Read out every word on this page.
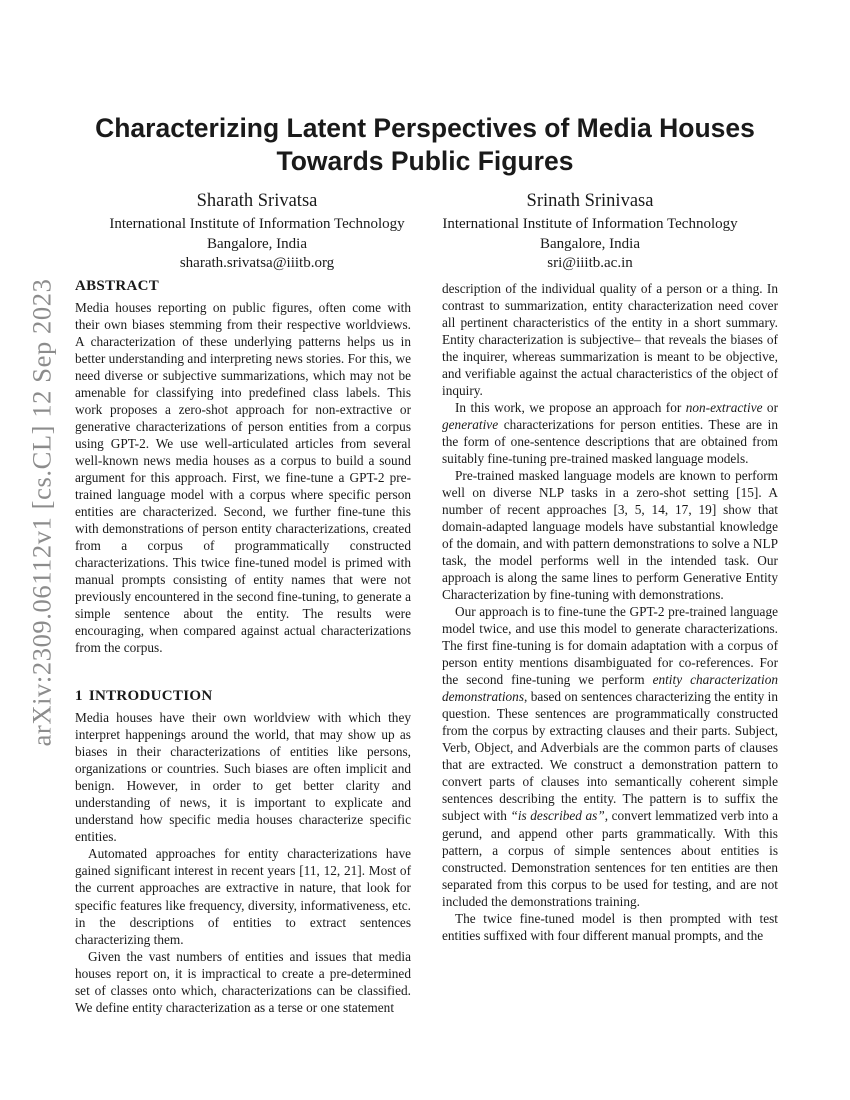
arXiv:2309.06112v1 [cs.CL] 12 Sep 2023
Characterizing Latent Perspectives of Media Houses Towards Public Figures
Sharath Srivatsa
International Institute of Information Technology
Bangalore, India
sharath.srivatsa@iiitb.org
Srinath Srinivasa
International Institute of Information Technology
Bangalore, India
sri@iiitb.ac.in
ABSTRACT

Media houses reporting on public figures, often come with their own biases stemming from their respective worldviews. A characterization of these underlying patterns helps us in better understanding and interpreting news stories. For this, we need diverse or subjective summarizations, which may not be amenable for classifying into predefined class labels. This work proposes a zero-shot approach for non-extractive or generative characterizations of person entities from a corpus using GPT-2. We use well-articulated articles from several well-known news media houses as a corpus to build a sound argument for this approach. First, we fine-tune a GPT-2 pre-trained language model with a corpus where specific person entities are characterized. Second, we further fine-tune this with demonstrations of person entity characterizations, created from a corpus of programmatically constructed characterizations. This twice fine-tuned model is primed with manual prompts consisting of entity names that were not previously encountered in the second fine-tuning, to generate a simple sentence about the entity. The results were encouraging, when compared against actual characterizations from the corpus.

1 INTRODUCTION

Media houses have their own worldview with which they interpret happenings around the world, that may show up as biases in their characterizations of entities like persons, organizations or countries. Such biases are often implicit and benign. However, in order to get better clarity and understanding of news, it is important to explicate and understand how specific media houses characterize specific entities.

Automated approaches for entity characterizations have gained significant interest in recent years [11, 12, 21]. Most of the current approaches are extractive in nature, that look for specific features like frequency, diversity, informativeness, etc. in the descriptions of entities to extract sentences characterizing them.

Given the vast numbers of entities and issues that media houses report on, it is impractical to create a pre-determined set of classes onto which, characterizations can be classified. We define entity characterization as a terse or one statement

description of the individual quality of a person or a thing. In contrast to summarization, entity characterization need cover all pertinent characteristics of the entity in a short summary. Entity characterization is subjective– that reveals the biases of the inquirer, whereas summarization is meant to be objective, and verifiable against the actual characteristics of the object of inquiry.

In this work, we propose an approach for non-extractive or generative characterizations for person entities. These are in the form of one-sentence descriptions that are obtained from suitably fine-tuning pre-trained masked language models.

Pre-trained masked language models are known to perform well on diverse NLP tasks in a zero-shot setting [15]. A number of recent approaches [3, 5, 14, 17, 19] show that domain-adapted language models have substantial knowledge of the domain, and with pattern demonstrations to solve a NLP task, the model performs well in the intended task. Our approach is along the same lines to perform Generative Entity Characterization by fine-tuning with demonstrations.

Our approach is to fine-tune the GPT-2 pre-trained language model twice, and use this model to generate characterizations. The first fine-tuning is for domain adaptation with a corpus of person entity mentions disambiguated for co-references. For the second fine-tuning we perform entity characterization demonstrations, based on sentences characterizing the entity in question. These sentences are programmatically constructed from the corpus by extracting clauses and their parts. Subject, Verb, Object, and Adverbials are the common parts of clauses that are extracted. We construct a demonstration pattern to convert parts of clauses into semantically coherent simple sentences describing the entity. The pattern is to suffix the subject with “is described as”, convert lemmatized verb into a gerund, and append other parts grammatically. With this pattern, a corpus of simple sentences about entities is constructed. Demonstration sentences for ten entities are then separated from this corpus to be used for testing, and are not included the demonstrations training.

The twice fine-tuned model is then prompted with test entities suffixed with four different manual prompts, and the
